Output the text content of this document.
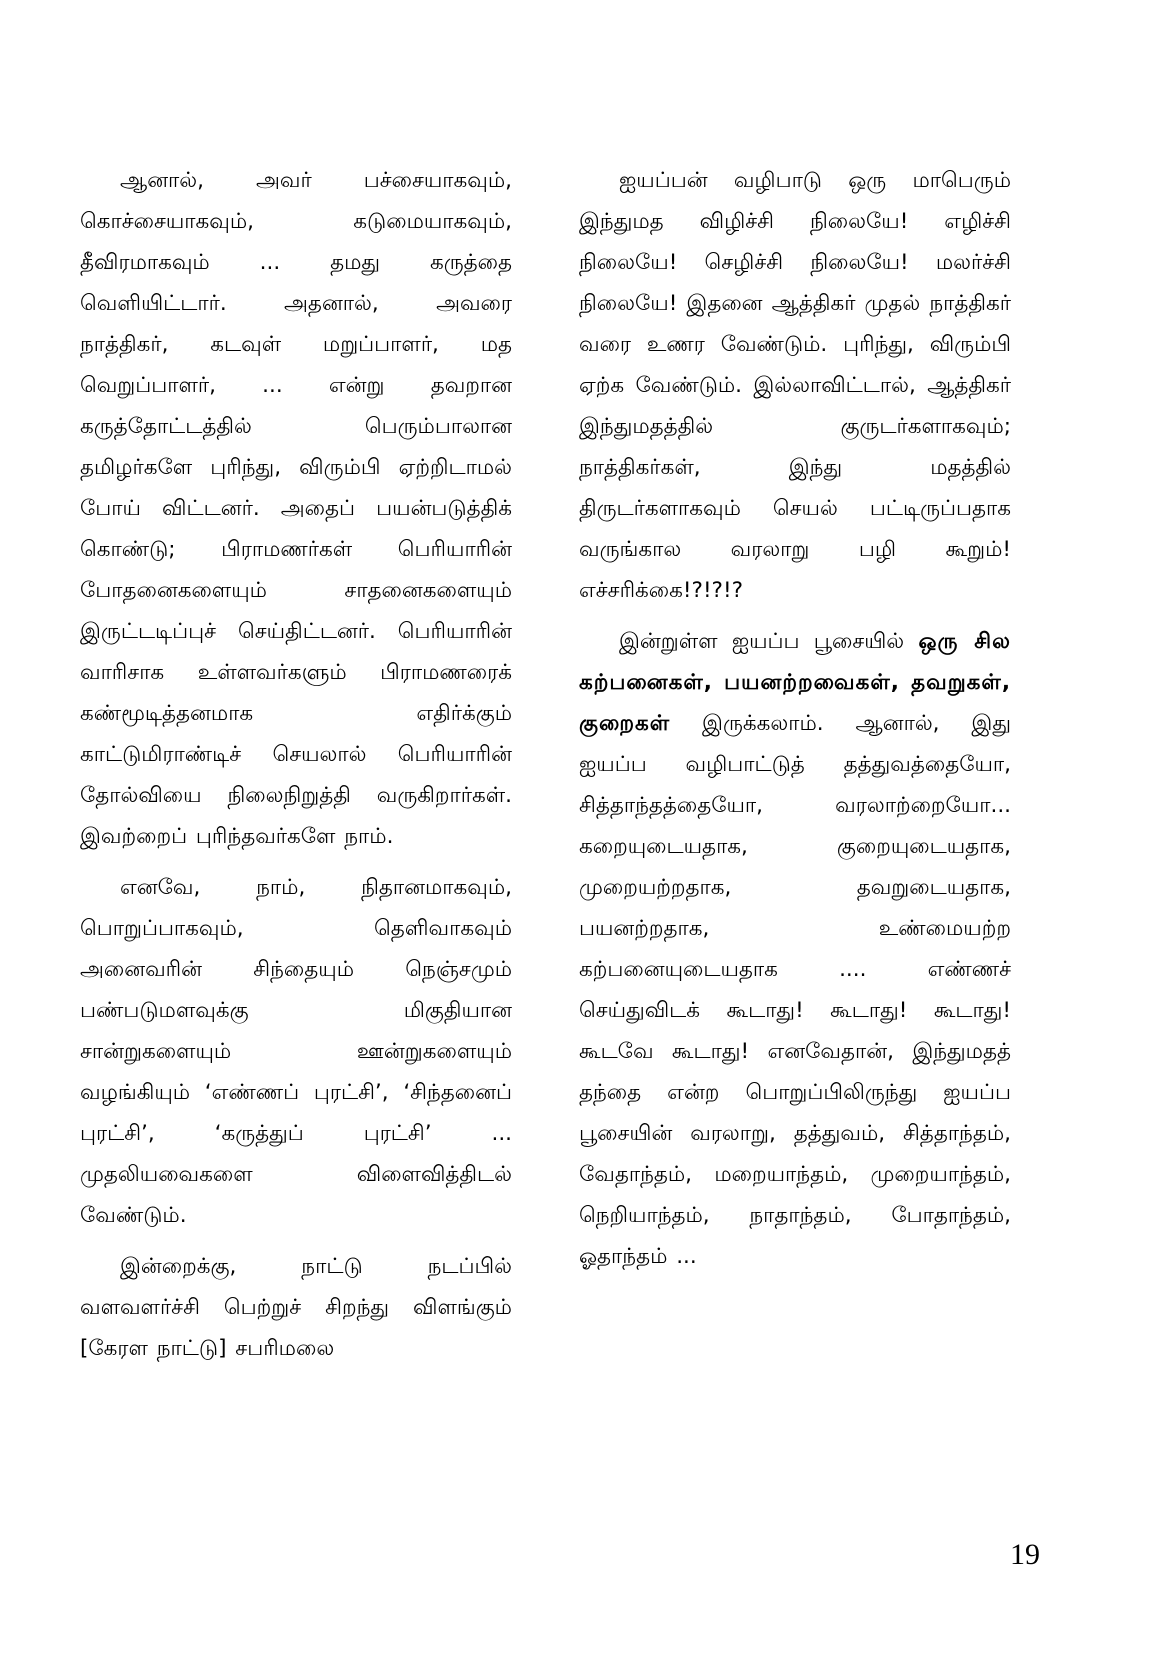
ஆனால், அவர் பச்சையாகவும், கொச்சையாகவும், கடுமையாகவும், தீவிரமாகவும் ... தமது கருத்தை வெளியிட்டார். அதனால், அவரை நாத்திகர், கடவுள் மறுப்பாளர், மத வெறுப்பாளர், ... என்று தவறான கருத்தோட்டத்தில் பெரும்பாலான தமிழர்களே புரிந்து, விரும்பி ஏற்றிடாமல் போய் விட்டனர். அதைப் பயன்படுத்திக் கொண்டு; பிராமணர்கள் பெரியாரின் போதனைகளையும் சாதனைகளையும் இருட்டடிப்புச் செய்திட்டனர். பெரியாரின் வாரிசாக உள்ளவர்களும் பிராமணரைக் கண்மூடித்தனமாக எதிர்க்கும் காட்டுமிராண்டிச் செயலால் பெரியாரின் தோல்வியை நிலைநிறுத்தி வருகிறார்கள். இவற்றைப் புரிந்தவர்களே நாம்.

எனவே, நாம், நிதானமாகவும், பொறுப்பாகவும், தெளிவாகவும் அனைவரின் சிந்தையும் நெஞ்சமும் பண்படுமளவுக்கு மிகுதியான சான்றுகளையும் ஊன்றுகளையும் வழங்கியும் ‘எண்ணப் புரட்சி’, ‘சிந்தனைப் புரட்சி’, ‘கருத்துப் புரட்சி’ ... முதலியவைகளை விளைவித்திடல் வேண்டும்.

இன்றைக்கு, நாட்டு நடப்பில் வளவளர்ச்சி பெற்றுச் சிறந்து விளங்கும் [கேரள நாட்டு] சபரிமலை

ஐயப்பன் வழிபாடு ஒரு மாபெரும் இந்துமத விழிச்சி நிலையே! எழிச்சி நிலையே! செழிச்சி நிலையே! மலர்ச்சி நிலையே! இதனை ஆத்திகர் முதல் நாத்திகர் வரை உணர வேண்டும். புரிந்து, விரும்பி ஏற்க வேண்டும். இல்லாவிட்டால், ஆத்திகர் இந்துமதத்தில் குருடர்களாகவும்; நாத்திகர்கள், இந்து மதத்தில் திருடர்களாகவும் செயல் பட்டிருப்பதாக வருங்கால வரலாறு பழி கூறும்! எச்சரிக்கை!?!?!?

இன்றுள்ள ஐயப்ப பூசையில் ஒரு சில கற்பனைகள், பயனற்றவைகள், தவறுகள், குறைகள் இருக்கலாம். ஆனால், இது ஐயப்ப வழிபாட்டுத் தத்துவத்தையோ, சித்தாந்தத்தையோ, வரலாற்றையோ... கறையுடையதாக, குறையுடையதாக, முறையற்றதாக, தவறுடையதாக, பயனற்றதாக, உண்மையற்ற கற்பனையுடையதாக .... எண்ணச் செய்துவிடக் கூடாது! கூடாது! கூடாது! கூடவே கூடாது! எனவேதான், இந்துமதத் தந்தை என்ற பொறுப்பிலிருந்து ஐயப்ப பூசையின் வரலாறு, தத்துவம், சித்தாந்தம், வேதாந்தம், மறையாந்தம், முறையாந்தம், நெறியாந்தம், நாதாந்தம், போதாந்தம், ஓதாந்தம் ...

19
